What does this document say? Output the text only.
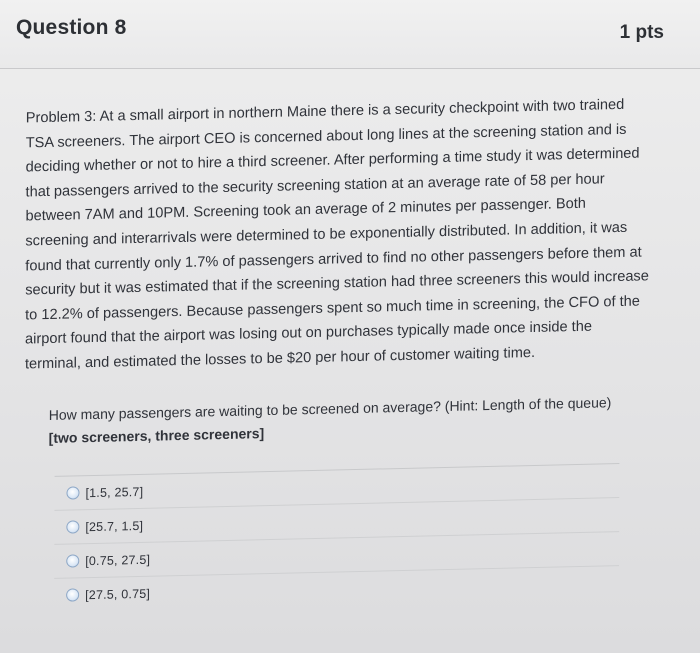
Question 8	1 pts
Problem 3: At a small airport in northern Maine there is a security checkpoint with two trained TSA screeners. The airport CEO is concerned about long lines at the screening station and is deciding whether or not to hire a third screener. After performing a time study it was determined that passengers arrived to the security screening station at an average rate of 58 per hour between 7AM and 10PM. Screening took an average of 2 minutes per passenger. Both screening and interarrivals were determined to be exponentially distributed. In addition, it was found that currently only 1.7% of passengers arrived to find no other passengers before them at security but it was estimated that if the screening station had three screeners this would increase to 12.2% of passengers. Because passengers spent so much time in screening, the CFO of the airport found that the airport was losing out on purchases typically made once inside the terminal, and estimated the losses to be $20 per hour of customer waiting time.
How many passengers are waiting to be screened on average? (Hint: Length of the queue) [two screeners, three screeners]
[1.5, 25.7]
[25.7, 1.5]
[0.75, 27.5]
[27.5, 0.75]
